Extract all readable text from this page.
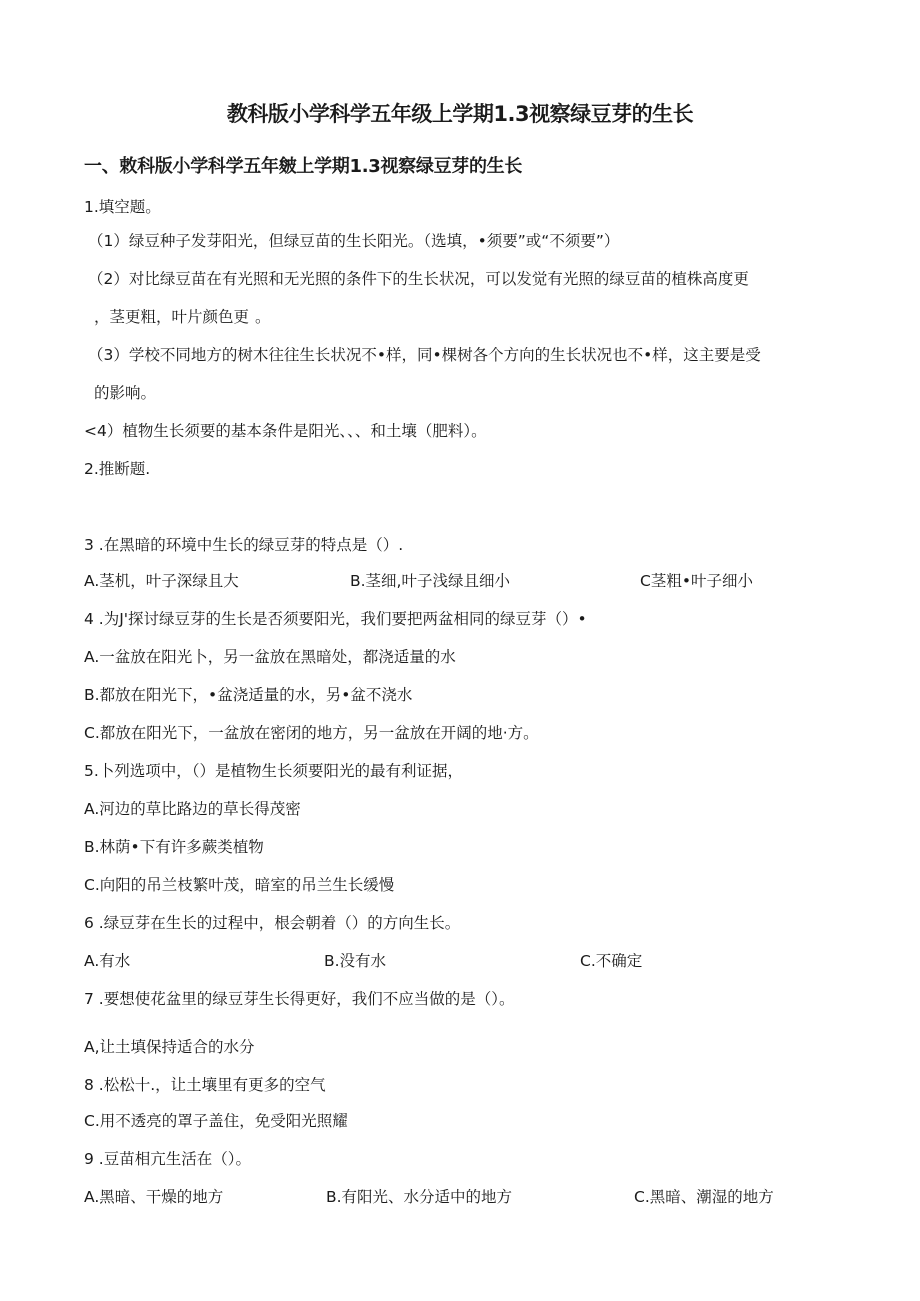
教科版小学科学五年级上学期1.3视察绿豆芽的生长
一、敕科版小学科学五年皴上学期1.3视察绿豆芽的生长
1.填空题。
（1）绿豆种子发芽阳光，但绿豆苗的生长阳光。（选填，•须要”或“不须要”）
（2）对比绿豆苗在有光照和无光照的条件下的生长状况，可以发觉有光照的绿豆苗的植株高度更
，茎更粗，叶片颜色更 。
（3）学校不同地方的树木往往生长状况不•样，同•棵树各个方向的生长状况也不•样，这主要是受
的影响。
<4）植物生长须要的基本条件是阳光、、、和土壤（肥料）。
2.推断题.
3 .在黑暗的环境中生长的绿豆芽的特点是（）.
A.茎机，叶子深绿且大	B.茎细,叶子浅绿且细小	C茎粗•叶子细小
4 .为J'探讨绿豆芽的生长是否须要阳光，我们要把两盆相同的绿豆芽（）•
A.一盆放在阳光卜，另一盆放在黑暗处，都浇适量的水
B.都放在阳光下，•盆浇适量的水，另•盆不浇水
C.都放在阳光下，一盆放在密闭的地方，另一盆放在开阔的地·方。
5.卜列选项中，（）是植物生长须要阳光的最有利证据，
A.河边的草比路边的草长得茂密
B.林荫•下有许多蕨类植物
C.向阳的吊兰枝繁叶茂，暗室的吊兰生长缓慢
6 .绿豆芽在生长的过程中，根会朝着（）的方向生长。
A.有水	B.没有水	C.不确定
7 .要想使花盆里的绿豆芽生长得更好，我们不应当做的是（）。
A,让土填保持适合的水分
8 .松松十.，让土壤里有更多的空气
C.用不透亮的罩子盖住，免受阳光照耀
9 .豆苗相亢生活在（）。
A.黑暗、干燥的地方	B.有阳光、水分适中的地方	C.黑暗、潮湿的地方
